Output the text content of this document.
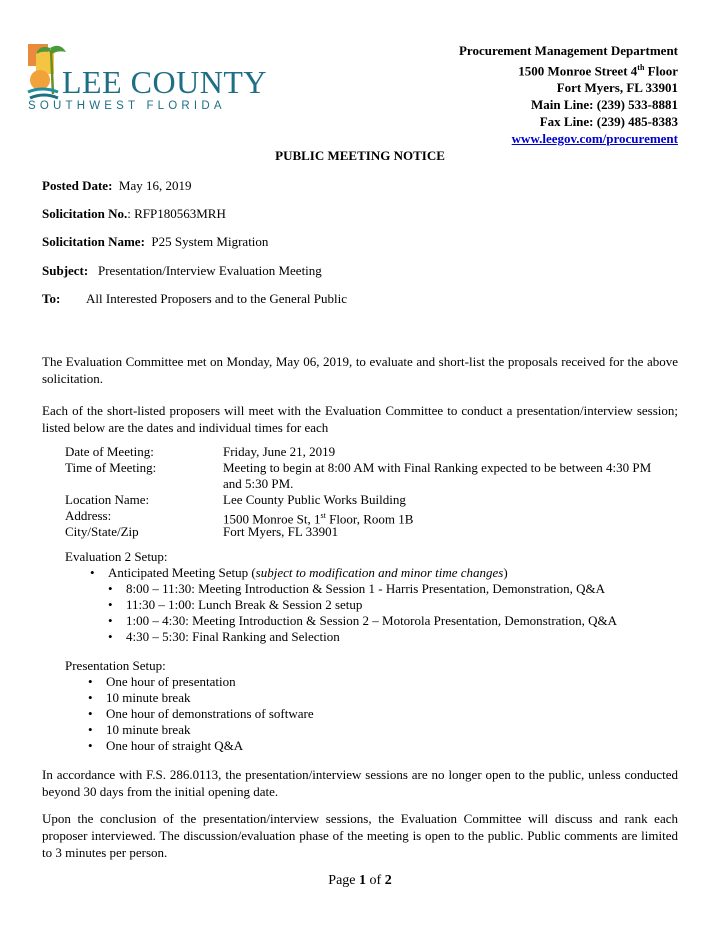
LEE COUNTY
SOUTHWEST FLORIDA
Procurement Management Department
1500 Monroe Street 4th Floor
Fort Myers, FL 33901
Main Line: (239) 533-8881
Fax Line: (239) 485-8383
www.leegov.com/procurement
PUBLIC MEETING NOTICE
Posted Date: May 16, 2019
Solicitation No.: RFP180563MRH
Solicitation Name: P25 System Migration
Subject: Presentation/Interview Evaluation Meeting
To: All Interested Proposers and to the General Public

The Evaluation Committee met on Monday, May 06, 2019, to evaluate and short-list the proposals received for the above solicitation.

Each of the short-listed proposers will meet with the Evaluation Committee to conduct a presentation/interview session; listed below are the dates and individual times for each

Date of Meeting:	Friday, June 21, 2019
Time of Meeting:	Meeting to begin at 8:00 AM with Final Ranking expected to be between 4:30 PM and 5:30 PM.
Location Name:	Lee County Public Works Building
Address:	1500 Monroe St, 1st Floor, Room 1B
City/State/Zip	Fort Myers, FL 33901
Evaluation 2 Setup:
• Anticipated Meeting Setup (subject to modification and minor time changes)
• 8:00 – 11:30: Meeting Introduction & Session 1 - Harris Presentation, Demonstration, Q&A
• 11:30 – 1:00: Lunch Break & Session 2 setup
• 1:00 – 4:30: Meeting Introduction & Session 2 – Motorola Presentation, Demonstration, Q&A
• 4:30 – 5:30: Final Ranking and Selection
Presentation Setup:
• One hour of presentation
• 10 minute break
• One hour of demonstrations of software
• 10 minute break
• One hour of straight Q&A

In accordance with F.S. 286.0113, the presentation/interview sessions are no longer open to the public, unless conducted beyond 30 days from the initial opening date.

Upon the conclusion of the presentation/interview sessions, the Evaluation Committee will discuss and rank each proposer interviewed. The discussion/evaluation phase of the meeting is open to the public. Public comments are limited to 3 minutes per person.

Page 1 of 2
